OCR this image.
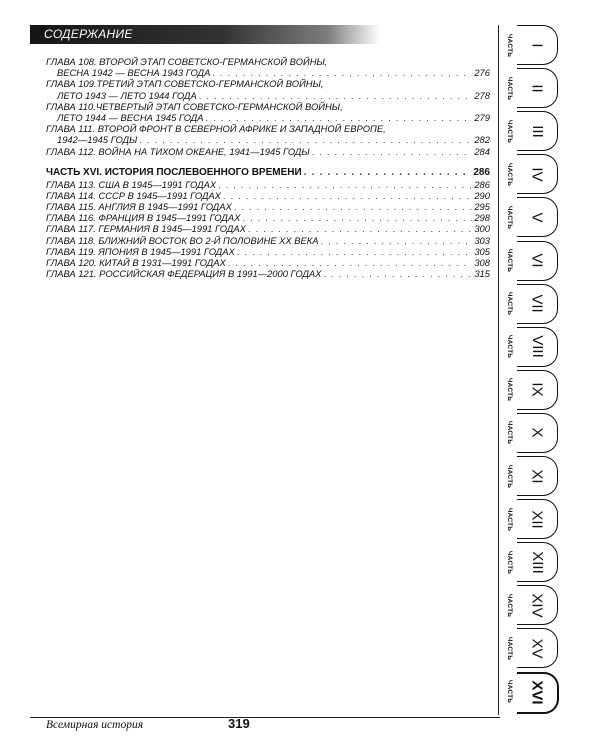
СОДЕРЖАНИЕ
ГЛАВА 108. ВТОРОЙ ЭТАП СОВЕТСКО-ГЕРМАНСКОЙ ВОЙНЫ,
ВЕСНА 1942 — ВЕСНА 1943 ГОДА . . .	276
ГЛАВА 109.ТРЕТИЙ ЭТАП СОВЕТСКО-ГЕРМАНСКОЙ ВОЙНЫ,
ЛЕТО 1943 — ЛЕТО 1944 ГОДА . . .	278
ГЛАВА 110.ЧЕТВЕРТЫЙ ЭТАП СОВЕТСКО-ГЕРМАНСКОЙ ВОЙНЫ,
ЛЕТО 1944 — ВЕСНА 1945 ГОДА . . .	279
ГЛАВА 111. ВТОРОЙ ФРОНТ В СЕВЕРНОЙ АФРИКЕ И ЗАПАДНОЙ ЕВРОПЕ,
1942—1945 ГОДЫ . . .	282
ГЛАВА 112. ВОЙНА НА ТИХОМ ОКЕАНЕ, 1941—1945 ГОДЫ . . .	284
ЧАСТЬ XVI. ИСТОРИЯ ПОСЛЕВОЕННОГО ВРЕМЕНИ . . .	286
ГЛАВА 113. США В 1945—1991 ГОДАХ . . .	286
ГЛАВА 114. СССР В 1945—1991 ГОДАХ . . .	290
ГЛАВА 115. АНГЛИЯ В 1945—1991 ГОДАХ . . .	295
ГЛАВА 116. ФРАНЦИЯ В 1945—1991 ГОДАХ . . .	298
ГЛАВА 117. ГЕРМАНИЯ В 1945—1991 ГОДАХ . . .	300
ГЛАВА 118. БЛИЖНИЙ ВОСТОК ВО 2-Й ПОЛОВИНЕ XX ВЕКА . . .	303
ГЛАВА 119. ЯПОНИЯ В 1945—1991 ГОДАХ . . .	305
ГЛАВА 120. КИТАЙ В 1931—1991 ГОДАХ . . .	308
ГЛАВА 121. РОССИЙСКАЯ ФЕДЕРАЦИЯ В 1991—2000 ГОДАХ . . .	315
ЧАСТЬ I
ЧАСТЬ II
ЧАСТЬ III
ЧАСТЬ IV
ЧАСТЬ V
ЧАСТЬ VI
ЧАСТЬ VII
ЧАСТЬ VIII
ЧАСТЬ IX
ЧАСТЬ X
ЧАСТЬ XI
ЧАСТЬ XII
ЧАСТЬ XIII
ЧАСТЬ XIV
ЧАСТЬ XV
ЧАСТЬ XVI
Всемирная история	319
